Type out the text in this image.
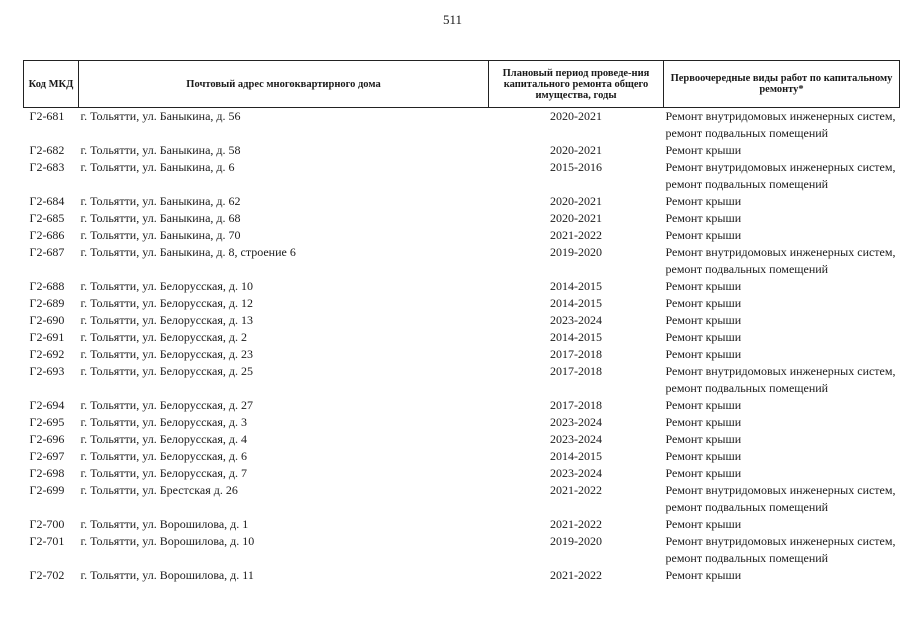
511
Код МКД	Почтовый адрес многоквартирного дома	Плановый период проведе-ния капитального ремонта общего имущества, годы	Первоочередные виды работ по капитальному ремонту*
Г2-681	г. Тольятти, ул. Баныкина, д. 56	2020-2021	Ремонт внутридомовых инженерных систем, ремонт подвальных помещений
Г2-682	г. Тольятти, ул. Баныкина, д. 58	2020-2021	Ремонт крыши
Г2-683	г. Тольятти, ул. Баныкина, д. 6	2015-2016	Ремонт внутридомовых инженерных систем, ремонт подвальных помещений
Г2-684	г. Тольятти, ул. Баныкина, д. 62	2020-2021	Ремонт крыши
Г2-685	г. Тольятти, ул. Баныкина, д. 68	2020-2021	Ремонт крыши
Г2-686	г. Тольятти, ул. Баныкина, д. 70	2021-2022	Ремонт крыши
Г2-687	г. Тольятти, ул. Баныкина, д. 8, строение 6	2019-2020	Ремонт внутридомовых инженерных систем, ремонт подвальных помещений
Г2-688	г. Тольятти, ул. Белорусская, д. 10	2014-2015	Ремонт крыши
Г2-689	г. Тольятти, ул. Белорусская, д. 12	2014-2015	Ремонт крыши
Г2-690	г. Тольятти, ул. Белорусская, д. 13	2023-2024	Ремонт крыши
Г2-691	г. Тольятти, ул. Белорусская, д. 2	2014-2015	Ремонт крыши
Г2-692	г. Тольятти, ул. Белорусская, д. 23	2017-2018	Ремонт крыши
Г2-693	г. Тольятти, ул. Белорусская, д. 25	2017-2018	Ремонт внутридомовых инженерных систем, ремонт подвальных помещений
Г2-694	г. Тольятти, ул. Белорусская, д. 27	2017-2018	Ремонт крыши
Г2-695	г. Тольятти, ул. Белорусская, д. 3	2023-2024	Ремонт крыши
Г2-696	г. Тольятти, ул. Белорусская, д. 4	2023-2024	Ремонт крыши
Г2-697	г. Тольятти, ул. Белорусская, д. 6	2014-2015	Ремонт крыши
Г2-698	г. Тольятти, ул. Белорусская, д. 7	2023-2024	Ремонт крыши
Г2-699	г. Тольятти, ул. Брестская д. 26	2021-2022	Ремонт внутридомовых инженерных систем, ремонт подвальных помещений
Г2-700	г. Тольятти, ул. Ворошилова, д. 1	2021-2022	Ремонт крыши
Г2-701	г. Тольятти, ул. Ворошилова, д. 10	2019-2020	Ремонт внутридомовых инженерных систем, ремонт подвальных помещений
Г2-702	г. Тольятти, ул. Ворошилова, д. 11	2021-2022	Ремонт крыши
